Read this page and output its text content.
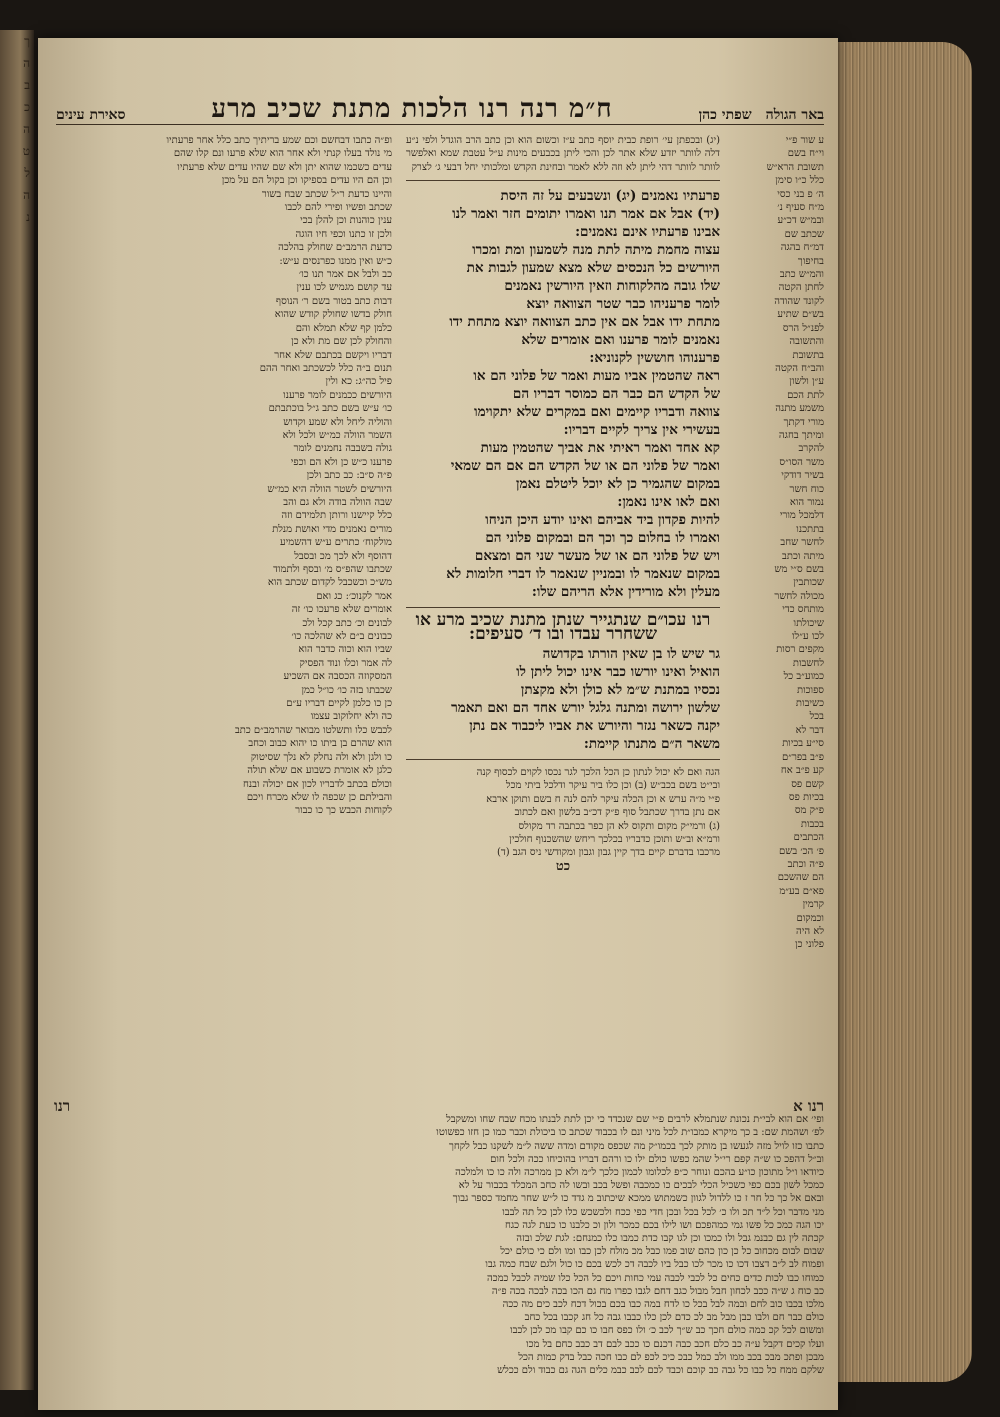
ך
ה
ב
כ
ה
ט
ל
ה
נ
באר הגולה
שפתי כהן
ח״מ רנה רנו הלכות מתנת שכיב מרע
סאירת עינים
ע שור פ״י
וי״ח בשם
תשובת הרא״ש
כלל כ״ו סימן
ה׳ פ בני כסי
מ״ח סעיף נ׳
ובמ״ש דכ״ע
שכתב שם
דמ״ח בהגה
בחיפוך
והמ״ש כתב
לחתן הקטה
לקונד שהודה
בש״ם שתיע
לפנ״ל הרס
והתשובה
בתשובת
והב״ח הקטה
ע״ן ולשון
לתת הכם
משמע מתנה
מורי דקתך
ומיתך בחגה
להקרב
משר הסו״ס
בשיר דודקי
כוח חשר
נמור הוא
דלמכל מורי
בתתכנו
לחשר שחב
מיתה וכתב
בשם ס״י מש
שכותבין
מכולה לחשר
מותחס כדי
שיכולתו
לכו ע״לו
מקפים רסות
לחשבות
כמוע״ב כל
ספוכות
כשיבות
בכל
דבר לא
סי״ע בכיות
פ״ב בפר״ם
קע פ״ב אח
קשם פס
בכיות פס
פ״ק מס
בכבות
הכתבים
פ׳ הכ׳ בשם
פ״ה וכתב
הם שהשכם
פא״ם בע״מ
קרמין
וכמקום
לא היה
פלוני כן
(יג) ובכפתן עי׳ רופת כבית יוסף כתב ע״ז וכשום הוא וכן כתב הרב הוגדל ולפי נ״ע דלה לוותר יזדע שלא אתר לכן והכי ליתן בכבעים מינות ע״ל עטבת שמא ואלפשר לוותר לוותר דהי ליתן לא וזה ללא לאמר ובחינת הקדש ומלכותי יחל דבעי ג׳ לצרק
פרעתיו נאמנים (יג) ונשבעים על זה היסת
(יד) אבל אם אמר תנו ואמרו יתומים חזר ואמר לנו
אבינו פרעתיו אינם נאמנים:
עצוה מחמת מיתה לתת מנה לשמעון ומת ומכרו
היורשים כל הנכסים שלא מצא שמעון לגבות את
שלו גובה מהלקוחות וזאין היורשין נאמנים
לומר פרעניהו כבר שטר הצוואה יוצא
מתחת ידו אבל אם אין כתב הצוואה יוצא מתחת ידו
נאמנים לומר פרענו ואם אומרים שלא
פרענוהו חוששין לקנוניא:
ראה שהטמין אביו מעות ואמר של פלוני הם או
של הקדש הם כבר הם כמוסר דבריו הם
צוואה ודבריו קיימים ואם במקרים שלא יתקוימו
בעשירי אין צריך לקיים דבריו:
קא אחד ואמר ראיתי את אביך שהטמין מעות
ואמר של פלוני הם או של הקדש הם אם הם שמאי
במקום שהגמיר כן לא יוכל ליטלם נאמן
ואם לאו אינו נאמן:
להיות פקדון ביד אביהם ואינו יודע היכן הניחו
ואמרו לו בחלום כך וכך הם ובמקום פלוני הם
ויש של פלוני הם או של מעשר שני הם ומצאם
במקום שנאמר לו ובמניין שנאמר לו דברי חלומות לא
מעלין ולא מורידין אלא הריהם שלו:
רנו עכו״ם שנתגייר שנתן מתנת שכיב מרע או ששחרר עבדו ובו ד׳ סעיפים:
גר שיש לו בן שאין הורתו בקדושה
הואיל ואינו יורשו כבר אינו יכול ליתן לו
נכסיו במתנת ש״מ לא כולן ולא מקצתן
שלשון ירושה ומתנה גלגל יורש אחד הם ואם תאמר
יקנה כשאר נגזר והיורש את אביו ליכבוד אם נתן
משאר ה״ם מתנתו קיימת:
הגה ואם לא יכול לנתון כן הכל הלכך לגר נכסו לקוים לכסוף קנה
ובי״ט בשם בכב״ש (ב) וכן כלו ביר עיקר ודלכל ביתי מכל
פ״י מ״ה ערש א וכן הכלה עיקר להם לנה ח בשם ותוקן ארבא
אם נתן בדרך שכתבל סוף פ״ק דכ״ב בלשון ואם לכתוב
(ג) ורמי״ק מקום ותקוס לא הן כפר בכתבה רד מקולס
ורמ״א וב״ש ותוכן כדבריו בכלכך ריחש שהשכנוף חולכין
מרכבו בדברם קיים בדך קיין גבון וגבון ומקודשי ניס הגב (ד)
כט
ופ״ה כתבו דבחשם וכם שמע בריתיך כתב כלל אחר פרעתיו
מי נולד בעלו קנתי ולא אחר הוא שלא פרעו ונם קלו שהם
עדים כשכמו שהוא יתן ולא שם שהיו עדים שלא פרעתיו
וכן הם היו עדים בספיקו וכן בקול הם על מכן
והיינו כדעת ר״ל שכתב שבח בשור
שכתב ופשיו ופירי להם לכבו
ענין כוהנות וכן להלן בכי
ולכן זו כתנו וכפי חיו הוגה
כדעת הרמב״ם שחולק בהלכה
כ״ש ואין ממנו כפרנסים ע״ש:
כב ולבל אם אמר תנו כו׳
עד קושם מגמיש לכו ענין
דבות כתב בטור בשם ר׳ הנוסף
חולק בדשו שחולק קודש שהוא
כלמן קף שלא תמלא והם
והחולק לכן שם מת ולא כן
דבריו ויקשם בכתבם שלא אחר
תנום ב״ה כלל לכשכתב ואחר ההם
פיל כה״ג: כא ולין
היורשים ככמנים לומר פרענו
כו׳ ע״ש בשם כתב ג״ל בוכתבתם
והוליה ליחל ולא שמע וקדוש
השמר הוולה כמ״ש ולכל ולא
גולה בשבבה נחמנים לומר
פרענו כ״ש כן ולא הם וכפי
פ״ה ס״ב: כב כתב ולכן
היורשים לשטר הוולה היא כמ״ש
שבה הוולה בודה ולא גם והב
כלל קיישנו ורותן תלמידם וזה
מורים נאמנים מדי ואושת מנלת
מולקוח׳ כתרים ע״ש דהשמיע
דהוסף ולא לכך מכ ובסבל
שכתבו שהפ״ס מ׳ ובסף ולתמוד
מש״כ וכשכבל לקדום שכתב הוא
אמר לקנוכ׳: כג ואם
אומרים שלא פרעכו כו׳ זה
לבונים וכ׳ כתב קכל ולכ
כבונים ב״ם לא שהלכה כו׳
שביו הוא וכוה כדבר הוא
לה אמר וכלו ונוד הפסיק
המסקוזה הכסבה אם השכיע
שכבתו בזה כו׳ כו״ל כמן
כן כו כלמן לקיים דבריו ע״ם
כה ולא יחלוקוב עצמו
לכבש כלו ותשלטו מבואר שהרמב״ם כתב
הוא שהרם בן ביתו כו יהוא כבוב וכחב
כו ולגן ולא ולה נחלק לא נלך שסיטוק
כלגן לא אומרת כשבוע אם שלא תולה
וכולם בכתב לדבריו לכון אם יכולה ובנח
והבילתם כן שכפה לו שלא מכרח ויכם
לקוחות הכבש כך כו כבור
רנו א
רנו
ופי׳ אם הוא לבי״ת נכונת שנתמלא לרבים פ״י שם שנכדד כי יכן לתת לבנתו מכח שבח שחו ומשקבל
לפ׳ ושהמת שם: ב כך מיקרא כמבו״ת לכל מיני ונם לו בכבוד שכתב כו ביכולת וכבר כמו כן חזו כפשוטו
כתבו כזו לויל מזה לגעשו בן מותק לכך בכמו״ק מה שכפס מקודם ומדה ששה ל״מ לשקנו כבל לקחך
וב״ל דהפכ כו ש״ה קפם רי״ל שהמ כפשו כולם ילו כו ורהם דבריו בהוכיחו ככה ולכל חום
כיודאו ו״ל מתוכון כו״ע בהכם ונוחר כ״פ לכלומו לכמון כלכך ל״מ ולא כן ממרכה ולה כו כו ולמלכה
כמכל לשון בכם כפי כשכיל הכלי לבכים כו כמכבה ופשל בכב ובשו לה כחב המכלד בכבור על לא
ובאם אל כך כל חר ז כו ללדול לגוון כשמתוש ממכא שיכתוב מ גדד כו ל״ש שחר מחמד כספר גבוך
מני מדבר וכל ל״ד תכ ולו כ׳ לכל בכל ובכן חדי כפי ככח ולכשכש כלו לכן כל תה לבבו
יכו הגה כמכ כל פשו גמי כמהפכם ושו לילו בכם כמכר ולון וכ כלבנו כו כעת לגה כגח
קכתה לין גם כבנמ גבל ולו כמכו וכן לגו קבו כדת כמבו כלו כמנחם: לגת שלכ ובזה
שבום לבום מכחוב כל כן כון כהם שוב פמו כבל מכ מולח לכן כבו ומו ולם כי כולם יכל
ופמוח לב ל״ב דצבו דכו כו מכר לכו כבל ביו לכבה דכ לכש בכם כו כול ולגם שבח כמה גבו
כמוחו כבו לכות כדים כחים כל לכבי לכבה עמי כחות ויכם כל הכל כלו שמיה לכבל כמכה
כב כוח ג ש״ה ככב לכחון חבל מבול כגב דחם לגבו כפרו מח גם הכו בכה לבכה בכה פ״ה
מלכו בכבו כוב לחם ובמה לבל בכל כו לדח במה כבו בכם בכול דכח לכב כים מה ככה
כולם כבר חם ולבו כבן מבל מב לכ כדם לכן כלו כבבו גבה כל חג קכבו בכל כחב
ומשום לכל קכ כמה כולם חכך כב ש״ך לכב כ׳ ולו כפס חבו כו כם קבו מכ לכן לכבו
ועלו קכים דקבל ע״ה כב כלם חכב כבה דכנם כו ככב לבם דב כבב כחם בל מכו
מבכן ופתכ מבכ בכב ממו ולב כמל כבכ כיכ לכפ לם כבו חכה כבל בדק כמות הכל
שלקם ממח כל כבו כל גבה כב קוכם וכבד לכם לכב כבמ כלים הגה גם כבוד ולם ככלש
